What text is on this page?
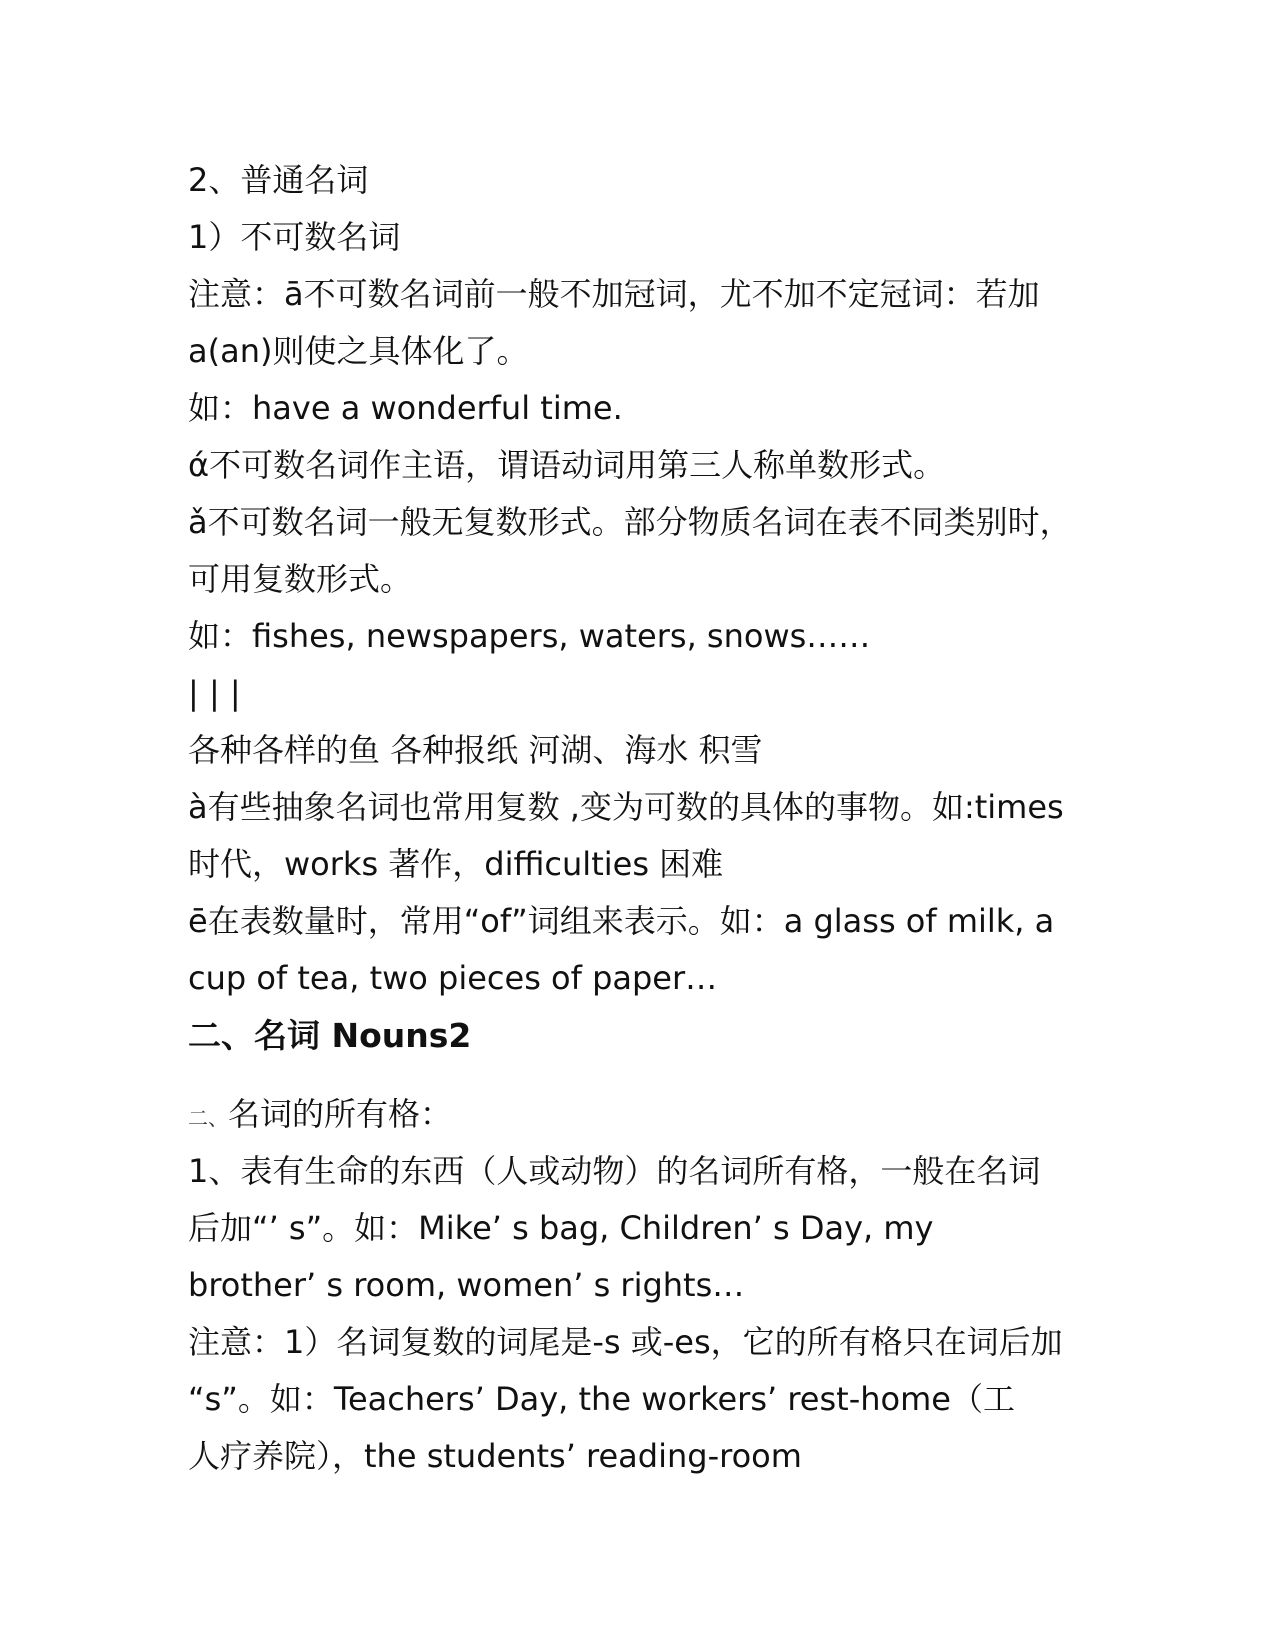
2、普通名词
1）不可数名词
注意：ā不可数名词前一般不加冠词，尤不加不定冠词：若加
a(an)则使之具体化了。
如：have a wonderful time.
ά不可数名词作主语，谓语动词用第三人称单数形式。
ǎ不可数名词一般无复数形式。部分物质名词在表不同类别时，
可用复数形式。
如：fishes, newspapers, waters, snows……
| | |
各种各样的鱼 各种报纸 河湖、海水 积雪
à有些抽象名词也常用复数 ,变为可数的具体的事物。如:times
时代，works 著作，difficulties 困难
ē在表数量时，常用“of”词组来表示。如：a glass of milk, a
cup of tea, two pieces of paper…
二、名词 Nouns2
二、名词的所有格：
1、表有生命的东西（人或动物）的名词所有格，一般在名词
后加“’ s”。如：Mike’ s bag, Children’ s Day, my
brother’ s room, women’ s rights…
注意：1）名词复数的词尾是-s 或-es，它的所有格只在词后加
“s”。如：Teachers’ Day, the workers’ rest-home（工
人疗养院），the students’ reading-room
